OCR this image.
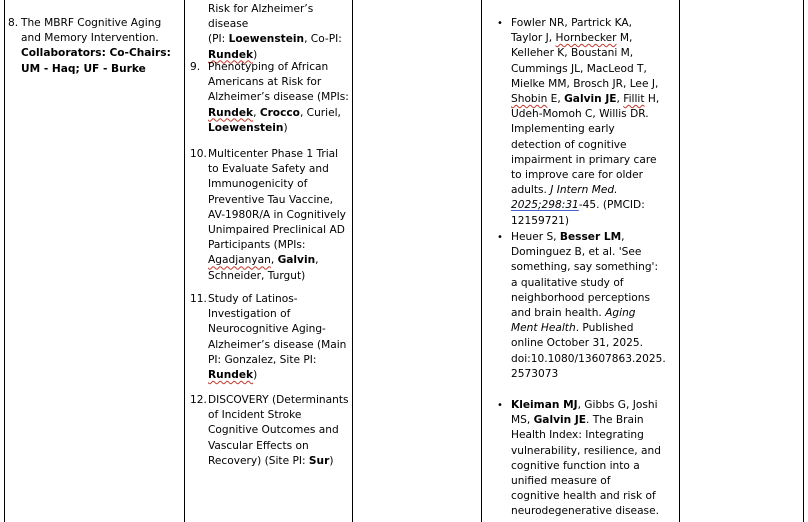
8. The MBRF Cognitive Aging and Memory Intervention.
Collaborators: Co-Chairs: UM - Haq; UF - Burke
Risk for Alzheimer’s disease
(PI: Loewenstein, Co-PI:
Rundek)
9. Phenotyping of African Americans at Risk for Alzheimer’s disease (MPIs: Rundek, Crocco, Curiel, Loewenstein)
10. Multicenter Phase 1 Trial to Evaluate Safety and Immunogenicity of Preventive Tau Vaccine, AV-1980R/A in Cognitively Unimpaired Preclinical AD Participants (MPIs: Agadjanyan, Galvin, Schneider, Turgut)
11. Study of Latinos-Investigation of Neurocognitive Aging-Alzheimer’s disease (Main PI: Gonzalez, Site PI: Rundek)
12. DISCOVERY (Determinants of Incident Stroke Cognitive Outcomes and Vascular Effects on Recovery) (Site PI: Sur)
• Fowler NR, Partrick KA, Taylor J, Hornbecker M, Kelleher K, Boustani M, Cummings JL, MacLeod T, Mielke MM, Brosch JR, Lee J, Shobin E, Galvin JE, Fillit H, Udeh-Momoh C, Willis DR.
Implementing early detection of cognitive impairment in primary care to improve care for older adults. J Intern Med. 2025;298:31-45. (PMCID: 12159721)
• Heuer S, Besser LM, Dominguez B, et al. 'See something, say something': a qualitative study of neighborhood perceptions and brain health. Aging Ment Health. Published online October 31, 2025. doi:10.1080/13607863.2025. 2573073
• Kleiman MJ, Gibbs G, Joshi MS, Galvin JE. The Brain Health Index: Integrating vulnerability, resilience, and cognitive function into a unified measure of cognitive health and risk of neurodegenerative disease.
